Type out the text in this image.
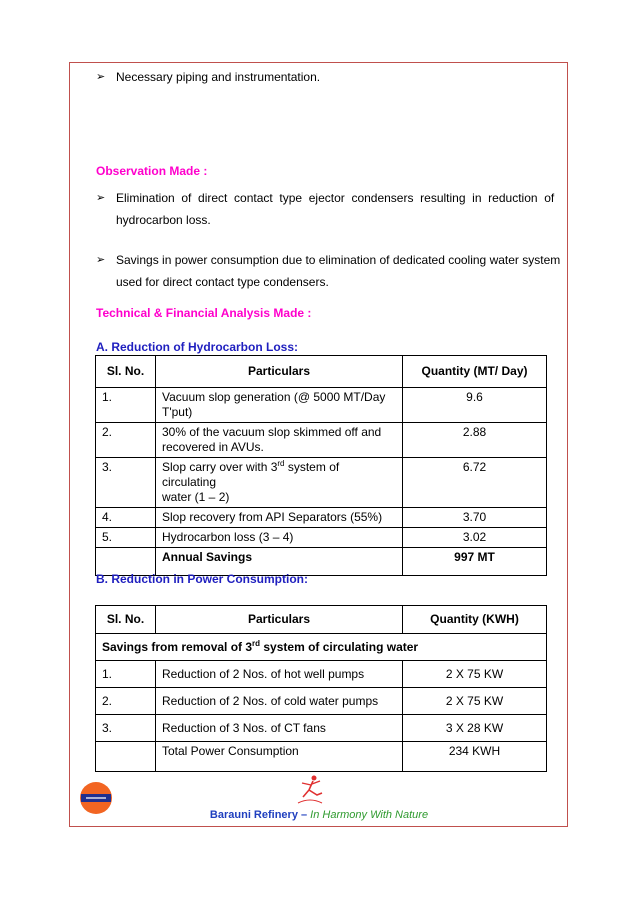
➢ Necessary piping and instrumentation.
Observation Made :
➢ Elimination  of  direct  contact  type  ejector  condensers  resulting  in  reduction  of
hydrocarbon loss.
➢ Savings in power consumption due to elimination of dedicated cooling water system
used for direct contact type condensers.
Technical & Financial Analysis Made :
A. Reduction of Hydrocarbon Loss:
Sl. No.	Particulars	Quantity (MT/ Day)
1.	Vacuum slop generation (@ 5000 MT/Day
T'put)	9.6
2.	30% of the vacuum slop skimmed off and
recovered in AVUs.	2.88
3.	Slop carry over with 3rd system of circulating
water (1 – 2)	6.72
4.	Slop recovery from API Separators (55%)	3.70
5.	Hydrocarbon loss (3 – 4)	3.02
	Annual Savings	997 MT
B. Reduction in Power Consumption:
Sl. No.	Particulars	Quantity (KWH)
Savings from removal of 3rd system of circulating water		
1.	Reduction of 2 Nos. of hot well pumps	2 X 75 KW
2.	Reduction of 2 Nos. of cold water pumps	2 X 75 KW
3.	Reduction of 3 Nos. of CT fans	3 X 28 KW
	Total Power Consumption	234 KWH
Barauni Refinery – In Harmony With Nature
